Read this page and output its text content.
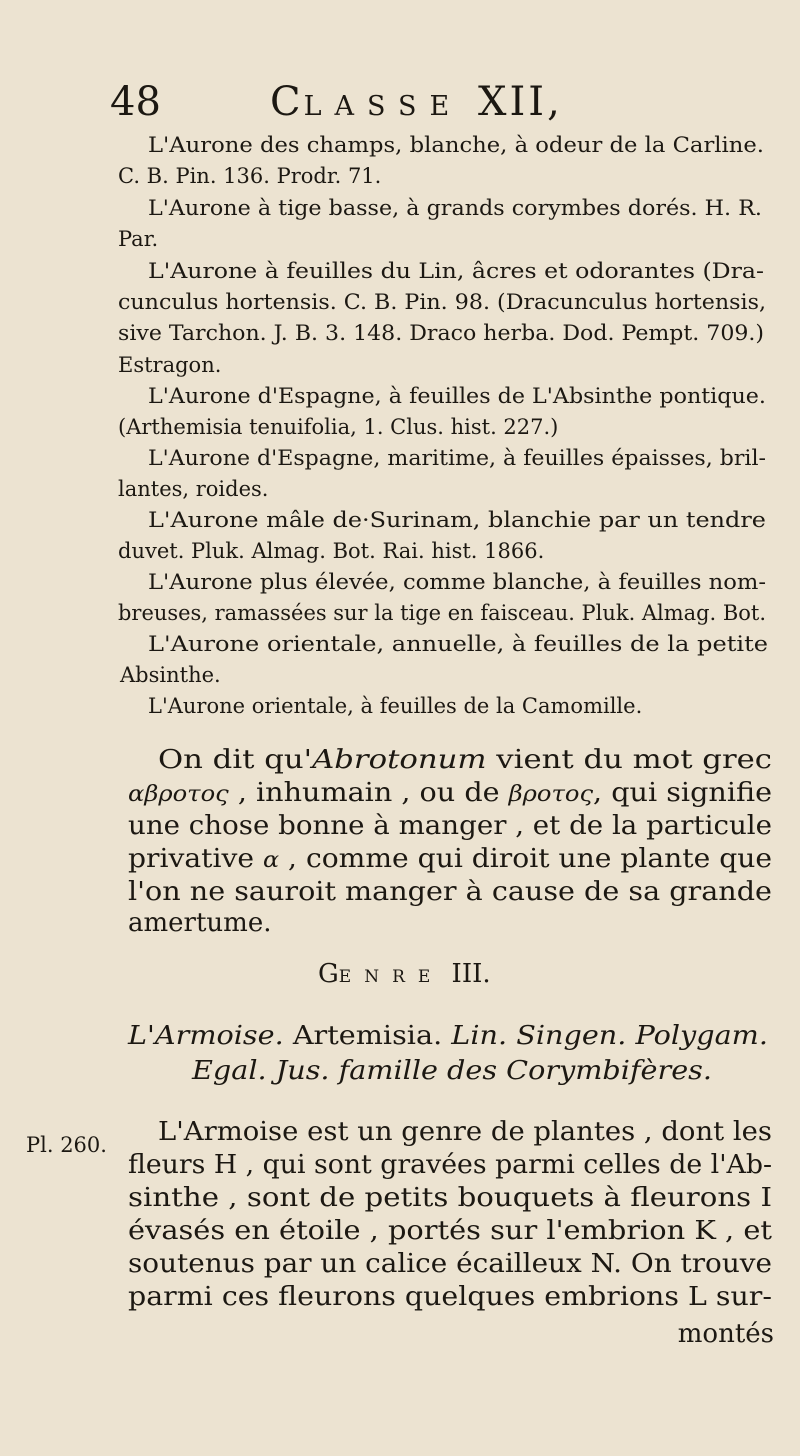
48	CLASSE XII,
L'Aurone des champs, blanche, à odeur de la Carline.
C. B. Pin. 136. Prodr. 71.
L'Aurone à tige basse, à grands corymbes dorés. H. R.
Par.
L'Aurone à feuilles du Lin, âcres et odorantes (Dra-
cunculus hortensis. C. B. Pin. 98. (Dracunculus hortensis,
sive Tarchon. J. B. 3. 148. Draco herba. Dod. Pempt. 709.)
Estragon.
L'Aurone d'Espagne, à feuilles de L'Absinthe pontique.
(Arthemisia tenuifolia, 1. Clus. hist. 227.)
L'Aurone d'Espagne, maritime, à feuilles épaisses, bril-
lantes, roides.
L'Aurone mâle de·Surinam, blanchie par un tendre
duvet. Pluk. Almag. Bot. Rai. hist. 1866.
L'Aurone plus élevée, comme blanche, à feuilles nom-
breuses, ramassées sur la tige en faisceau. Pluk. Almag. Bot.
L'Aurone orientale, annuelle, à feuilles de la petite
Absinthe.
L'Aurone orientale, à feuilles de la Camomille.
On dit qu'Abrotonum vient du mot grec
αβροτος , inhumain , ou de βροτος, qui signifie
une chose bonne à manger , et de la particule
privative α , comme qui diroit une plante que
l'on ne sauroit manger à cause de sa grande
amertume.
GENRE III.
L'Armoise. Artemisia. Lin. Singen. Polygam.
Egal. Jus. famille des Corymbifères.
Pl. 260. L'Armoise est un genre de plantes , dont les
fleurs H , qui sont gravées parmi celles de l'Ab-
sinthe , sont de petits bouquets à fleurons I
évasés en étoile , portés sur l'embrion K , et
soutenus par un calice écailleux N. On trouve
parmi ces fleurons quelques embrions L sur-
montés
